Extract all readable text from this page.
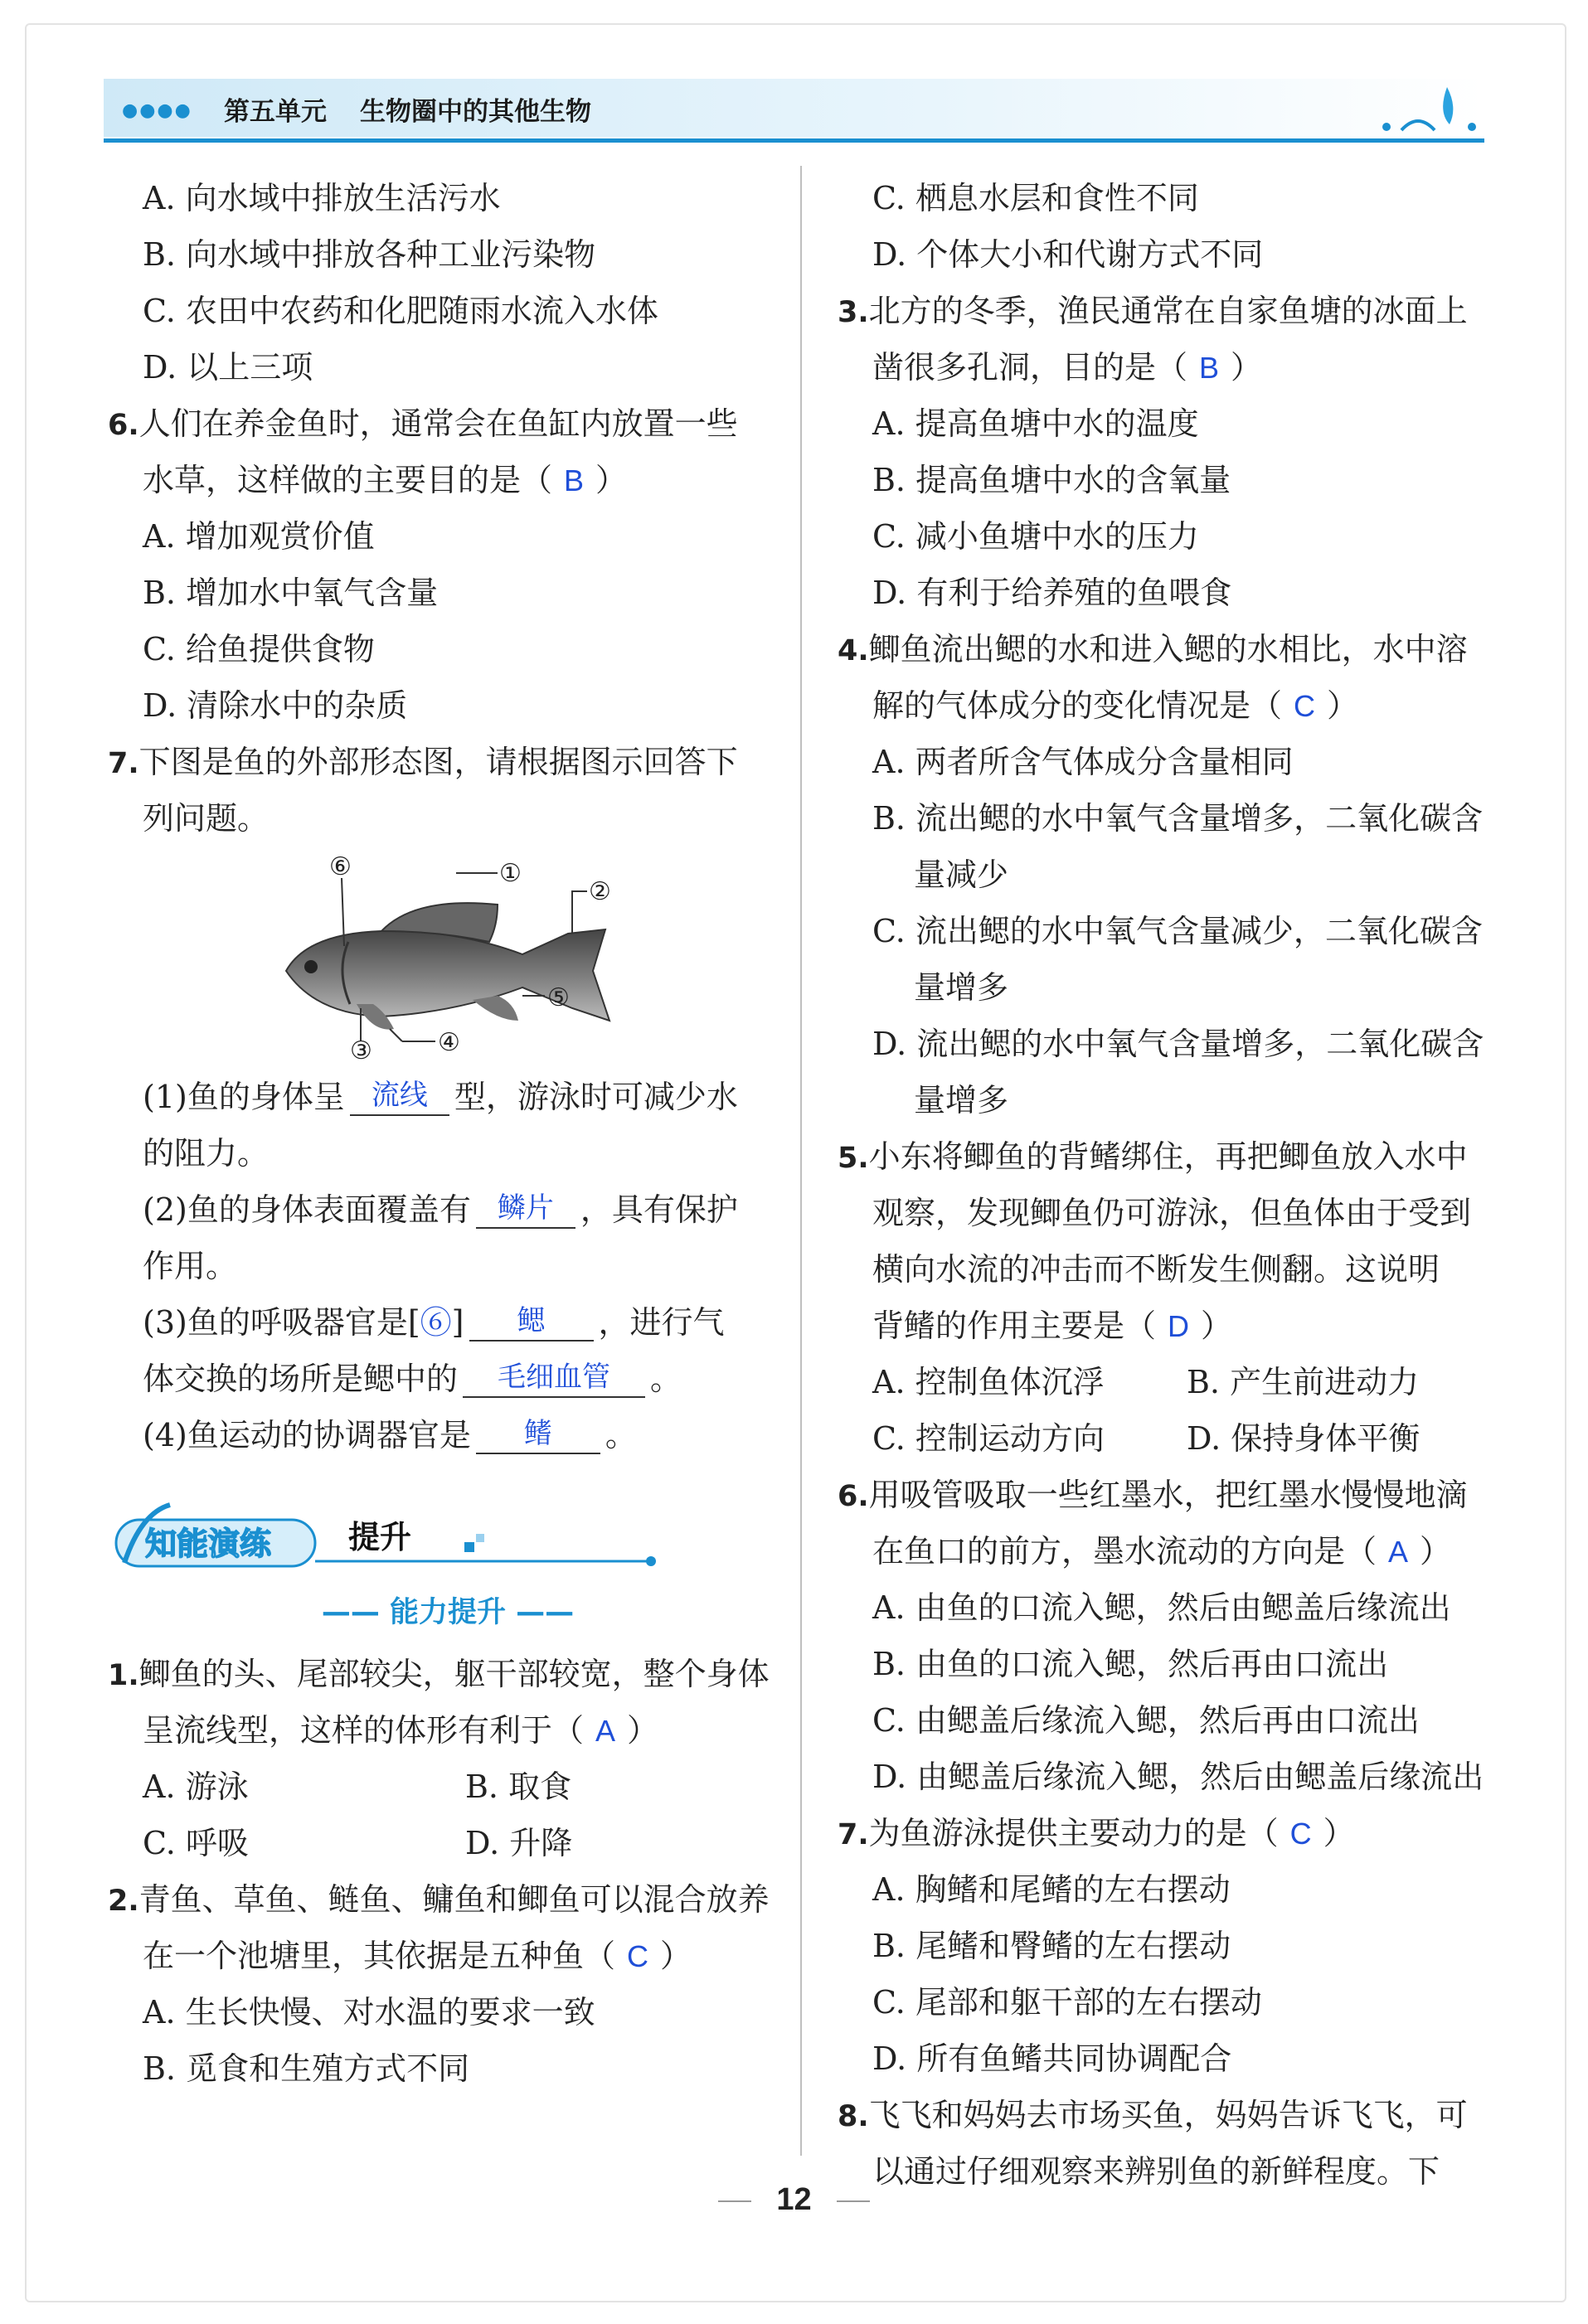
●●●● 第五单元 生物圈中的其他生物
A. 向水域中排放生活污水
B. 向水域中排放各种工业污染物
C. 农田中农药和化肥随雨水流入水体
D. 以上三项
6.人们在养金鱼时，通常会在鱼缸内放置一些
水草，这样做的主要目的是（ B ）
A. 增加观赏价值
B. 增加水中氧气含量
C. 给鱼提供食物
D. 清除水中的杂质
7.下图是鱼的外部形态图，请根据图示回答下
列问题。
⑥	①
②
⑤
③	④
(1)鱼的身体呈 流线 型，游泳时可减少水
的阻力。
(2)鱼的身体表面覆盖有 鳞片 ，具有保护
作用。
(3)鱼的呼吸器官是[⑥] 鳃 ，进行气
体交换的场所是鳃中的 毛细血管 。
(4)鱼运动的协调器官是 鳍 。
知能演练 提升
—— 能力提升 ——
1.鲫鱼的头、尾部较尖，躯干部较宽，整个身体
呈流线型，这样的体形有利于（ A ）
A. 游泳	B. 取食
C. 呼吸	D. 升降
2.青鱼、草鱼、鲢鱼、鳙鱼和鲫鱼可以混合放养
在一个池塘里，其依据是五种鱼（ C ）
A. 生长快慢、对水温的要求一致
B. 觅食和生殖方式不同
C. 栖息水层和食性不同
D. 个体大小和代谢方式不同
3.北方的冬季，渔民通常在自家鱼塘的冰面上
凿很多孔洞，目的是（ B ）
A. 提高鱼塘中水的温度
B. 提高鱼塘中水的含氧量
C. 减小鱼塘中水的压力
D. 有利于给养殖的鱼喂食
4.鲫鱼流出鳃的水和进入鳃的水相比，水中溶
解的气体成分的变化情况是（ C ）
A. 两者所含气体成分含量相同
B. 流出鳃的水中氧气含量增多，二氧化碳含
量减少
C. 流出鳃的水中氧气含量减少，二氧化碳含
量增多
D. 流出鳃的水中氧气含量增多，二氧化碳含
量增多
5.小东将鲫鱼的背鳍绑住，再把鲫鱼放入水中
观察，发现鲫鱼仍可游泳，但鱼体由于受到
横向水流的冲击而不断发生侧翻。这说明
背鳍的作用主要是（ D ）
A. 控制鱼体沉浮	B. 产生前进动力
C. 控制运动方向	D. 保持身体平衡
6.用吸管吸取一些红墨水，把红墨水慢慢地滴
在鱼口的前方，墨水流动的方向是（ A ）
A. 由鱼的口流入鳃，然后由鳃盖后缘流出
B. 由鱼的口流入鳃，然后再由口流出
C. 由鳃盖后缘流入鳃，然后再由口流出
D. 由鳃盖后缘流入鳃，然后由鳃盖后缘流出
7.为鱼游泳提供主要动力的是（ C ）
A. 胸鳍和尾鳍的左右摆动
B. 尾鳍和臀鳍的左右摆动
C. 尾部和躯干部的左右摆动
D. 所有鱼鳍共同协调配合
8.飞飞和妈妈去市场买鱼，妈妈告诉飞飞，可
以通过仔细观察来辨别鱼的新鲜程度。下
12
